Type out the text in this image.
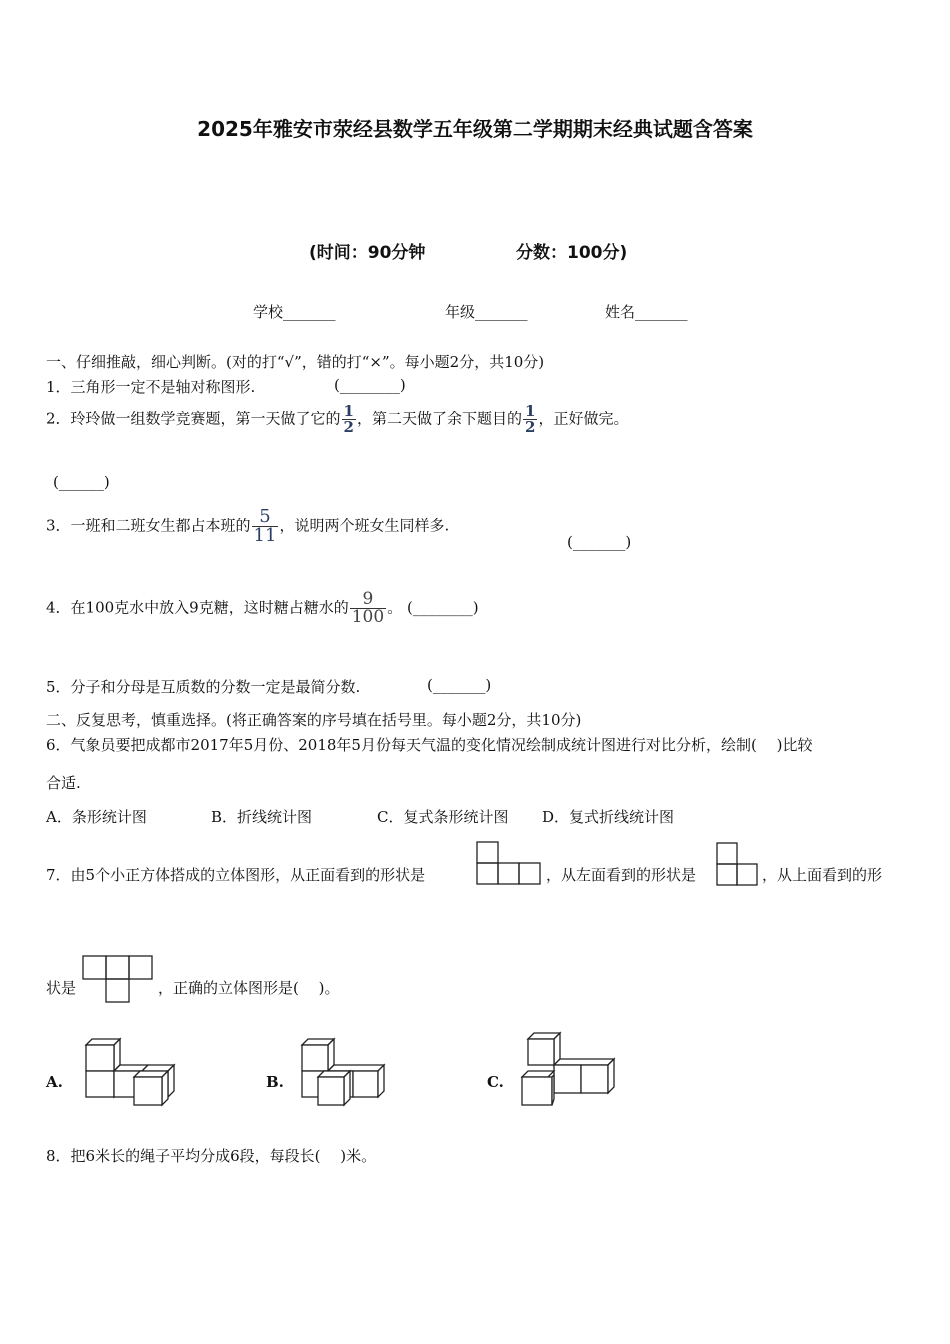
2025年雅安市荥经县数学五年级第二学期期末经典试题含答案
(时间：90分钟	分数：100分)
学校_______	年级_______	姓名_______
一、仔细推敲，细心判断。(对的打“√”，错的打“×”。每小题2分，共10分)
1．三角形一定不是轴对称图形.	(________)
2．玲玲做一组数学竞赛题，第一天做了它的 $\frac{1}{2}$ ，第二天做了余下题目的 $\frac{1}{2}$ ，正好做完。
(______)
3．一班和二班女生都占本班的 $\frac{5}{11}$ ，说明两个班女生同样多.
(_______)
4．在100克水中放入9克糖，这时糖占糖水的 $\frac{9}{100}$ 。 (________)
5．分子和分母是互质数的分数一定是最简分数.	(_______)
二、反复思考，慎重选择。(将正确答案的序号填在括号里。每小题2分，共10分)
6．气象员要把成都市2017年5月份、2018年5月份每天气温的变化情况绘制成统计图进行对比分析，绘制(　 )比较
合适.
A．条形统计图	B．折线统计图	C．复式条形统计图 D．复式折线统计图
7．由5个小正方体搭成的立体图形，从正面看到的形状是	，从左面看到的形状是	，从上面看到的形
状是	，正确的立体图形是(　 )。
A.	B.	C.
8．把6米长的绳子平均分成6段，每段长(　 )米。
